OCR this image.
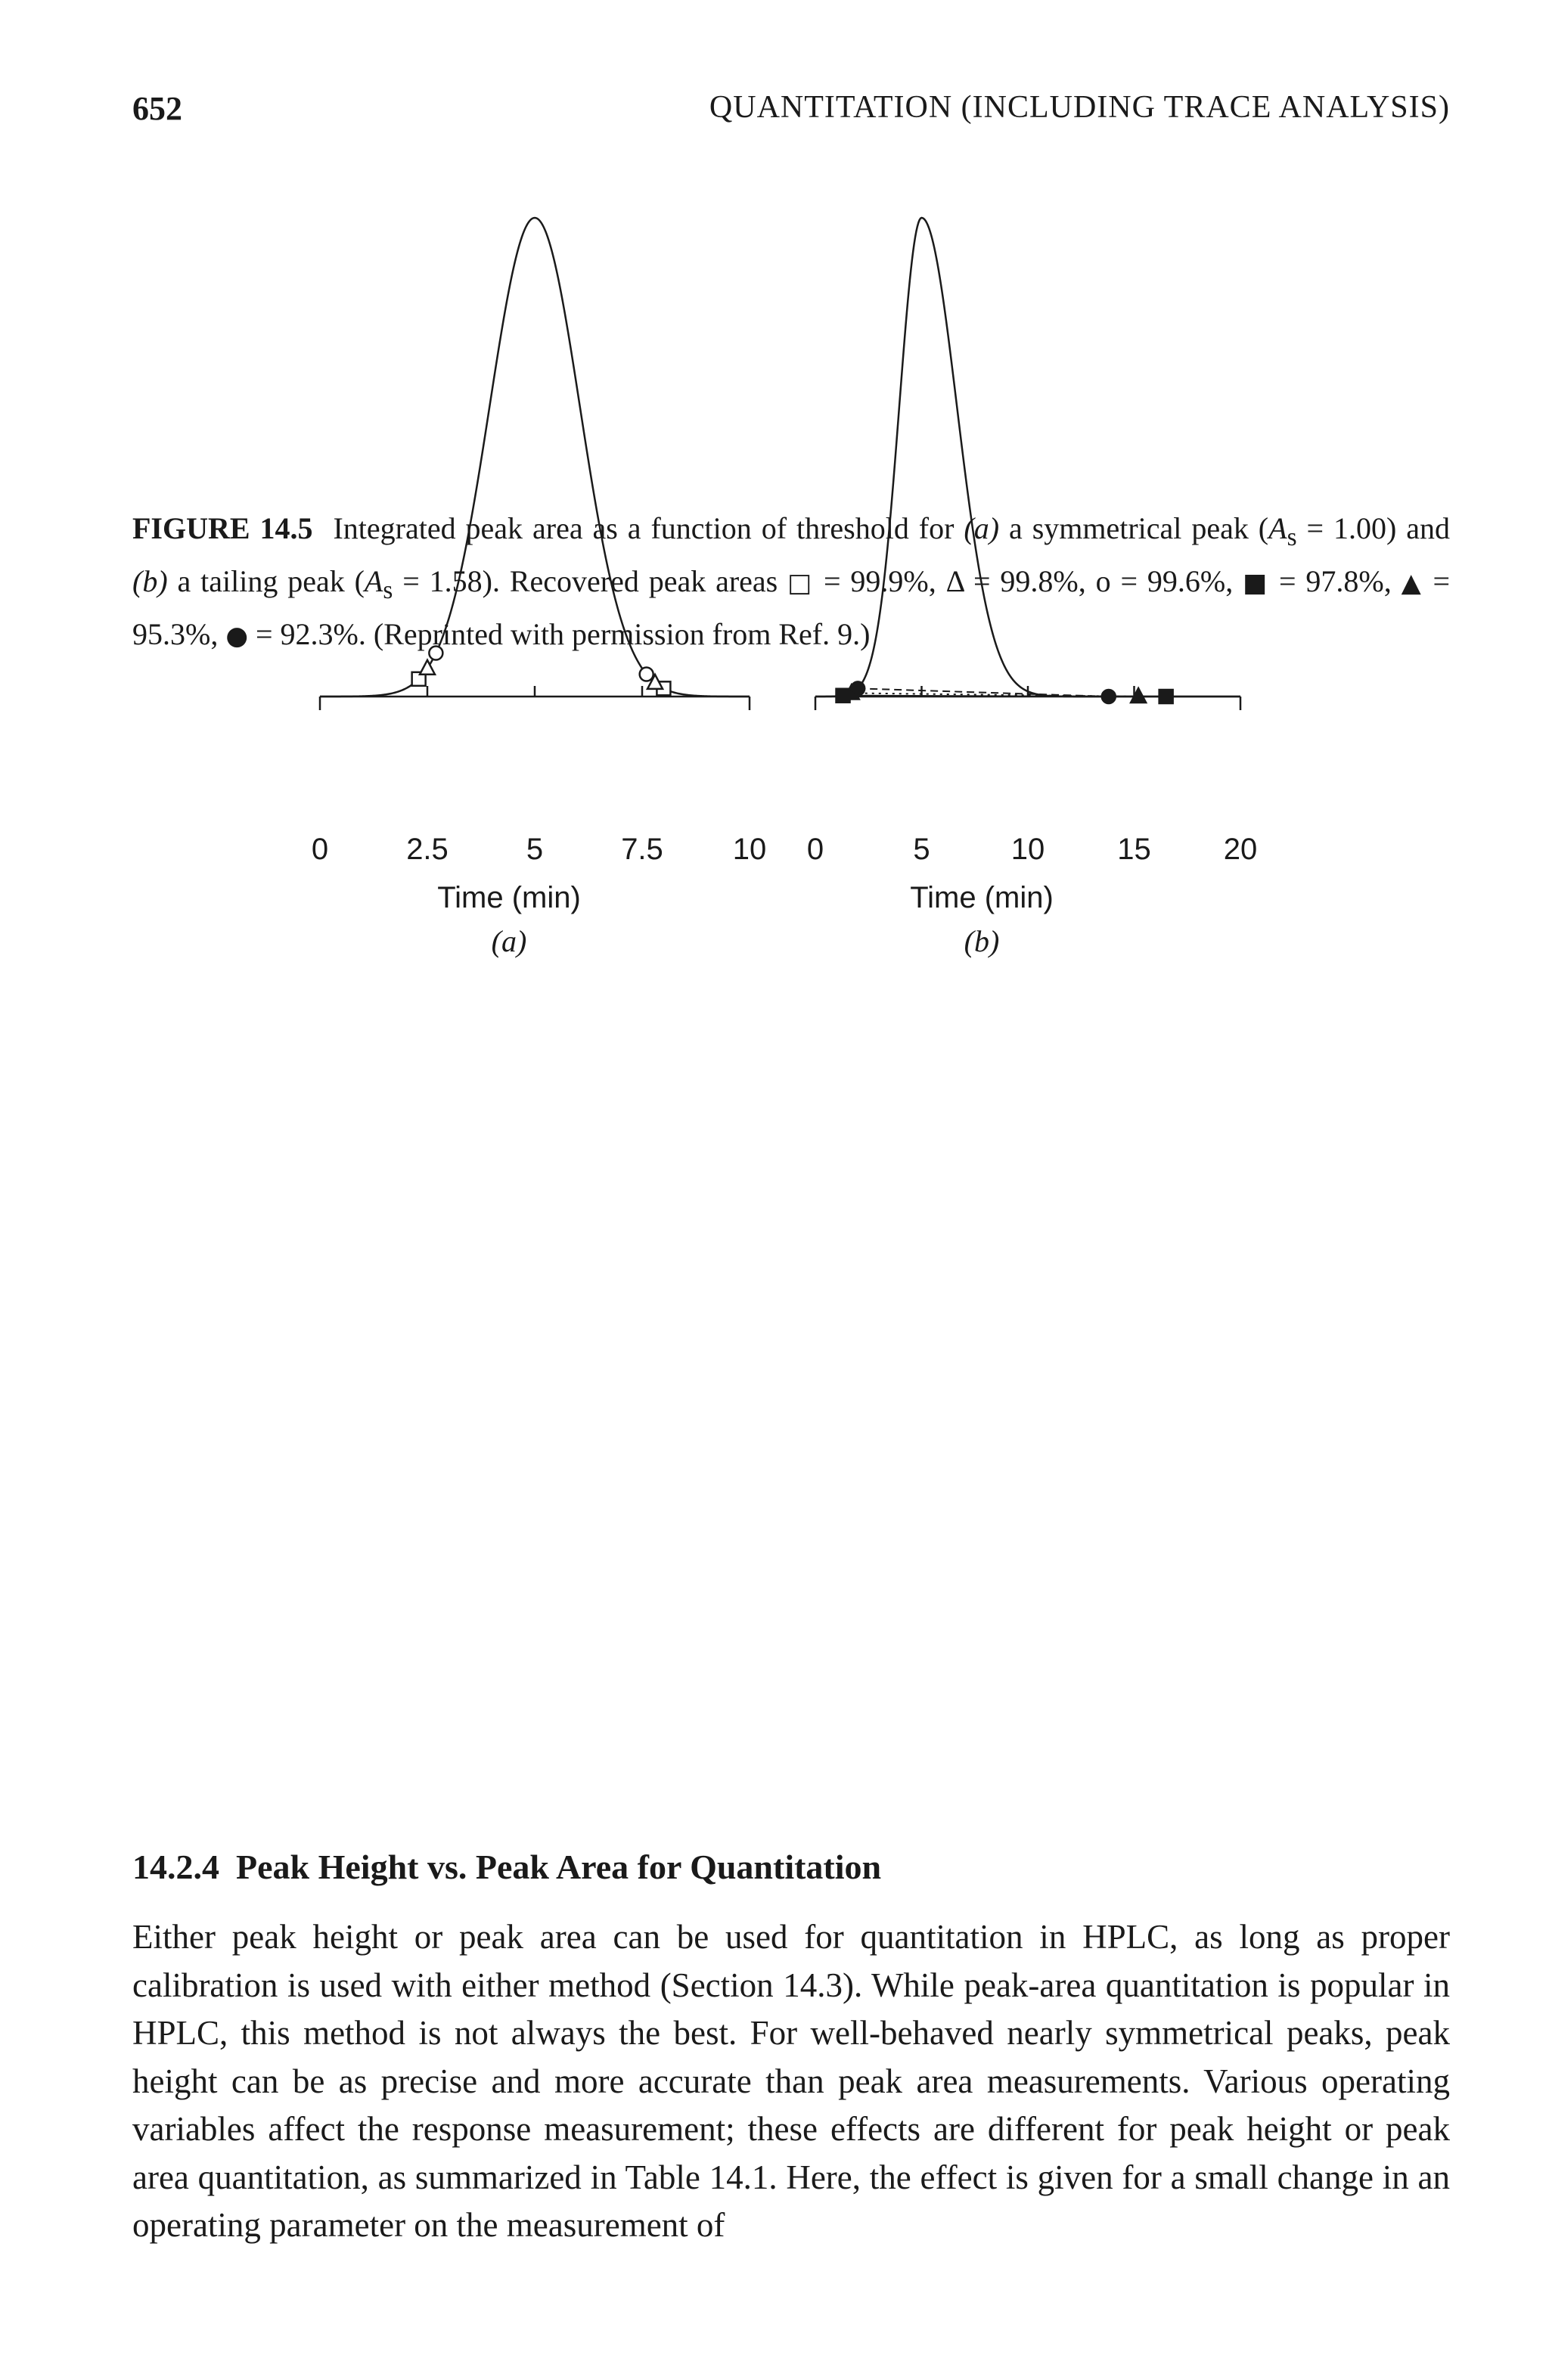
652	QUANTITATION (INCLUDING TRACE ANALYSIS)
0	2.5	5	7.5 10
Time (min)
(a)
0	5	10 15 20
Time (min)
(b)
FIGURE 14.5 Integrated peak area as a function of threshold for (a) a symmetrical peak $(A_s = 1.00)$ and (b) a tailing peak $(A_s = 1.58)$. Recovered peak areas □ = 99.9%, Δ = 99.8%, o = 99.6%, ■ = 97.8%, ▲ = 95.3%, ● = 92.3%. (Reprinted with permission from Ref. 9.)
14.2.4 Peak Height vs. Peak Area for Quantitation

Either peak height or peak area can be used for quantitation in HPLC, as long as proper calibration is used with either method (Section 14.3). While peak-area quantitation is popular in HPLC, this method is not always the best. For well-behaved nearly symmetrical peaks, peak height can be as precise and more accurate than peak area measurements. Various operating variables affect the response measurement; these effects are different for peak height or peak area quantitation, as summarized in Table 14.1. Here, the effect is given for a small change in an operating parameter on the measurement of
